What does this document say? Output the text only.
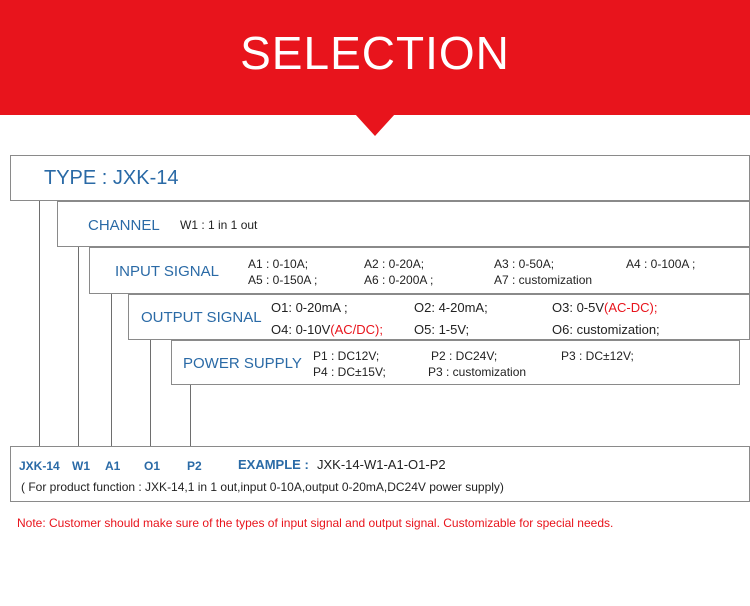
SELECTION
TYPE : JXK-14
CHANNEL W1 : 1 in 1 out
INPUT SIGNAL A1 : 0-10A;	A2 : 0-20A;	A3 : 0-50A;	A4 : 0-100A ;
A5 : 0-150A ;	A6 : 0-200A ;	A7 : customization
OUTPUT SIGNAL
O1: 0-20mA ;	O2: 4-20mA;	O3: 0-5V(AC-DC);
O4: 0-10V(AC/DC); O5: 1-5V;	O6: customization;
POWER SUPPLY P1 : DC12V;	P2 : DC24V;	P3 : DC±12V;
P4 : DC±15V;	P3 : customization
JXK-14 W1 A1 O1 P2	EXAMPLE : JXK-14-W1-A1-O1-P2
( For product function : JXK-14,1 in 1 out,input 0-10A,output 0-20mA,DC24V power supply)
Note: Customer should make sure of the types of input signal and output signal. Customizable for special needs.
